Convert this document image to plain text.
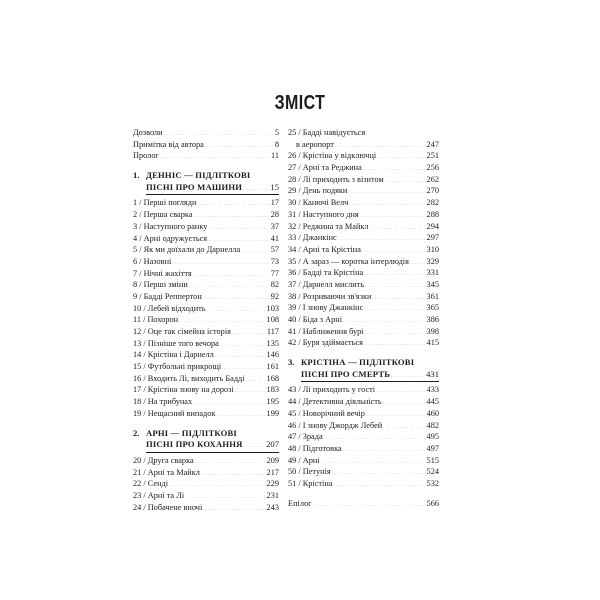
ЗМІСТ
Дозволи . . .	5
Примітка від автора . . .	8
Пролог . . .	11
1. ДЕННІС — ПІДЛІТКОВІ
ПІСНІ ПРО МАШИНИ . . .	15
1 / Перші погляди . . .	17
2 / Перша сварка . . .	28
3 / Наступного ранку . . .	37
4 / Арні одружується . . .	41
5 / Як ми доїхали до Дарнелла . . .	57
6 / Назовні . . .	73
7 / Нічні жахіття . . .	77
8 / Перші зміни . . .	82
9 / Бадді Реппертон . . .	92
10 / Лебей відходить . . .	103
11 / Похорон . . .	108
12 / Оце так сімейна історія . . .	117
13 / Пізніше того вечора . . .	135
14 / Крістіна і Дарнелл . . .	146
15 / Футбольні прикрощі . . .	161
16 / Входить Лі, виходить Бадді . . .	168
17 / Крістіна знову на дорозі . . .	183
18 / На трибунах . . .	195
19 / Нещасний випадок . . .	199
2. АРНІ — ПІДЛІТКОВІ
ПІСНІ ПРО КОХАННЯ . . .	207
20 / Друга сварка . . .	209
21 / Арні та Майкл . . .	217
22 / Сенді . . .	229
23 / Арні та Лі . . .	231
24 / Побачене вночі . . .	243
25 / Бадді навідується
в аеропорт . . .	247
26 / Крістіна у відключці . . .	251
27 / Арні та Реджина . . .	256
28 / Лі приходить з візитом . . .	262
29 / День подяки . . .	270
30 / Канючі Велч . . .	282
31 / Наступного дня . . .	288
32 / Реджина та Майкл . . .	294
33 / Джанкінс . . .	297
34 / Арні та Крістіна . . .	310
35 / А зараз — коротка інтерлюдія . . . 329
36 / Бадді та Крістіна . . .	331
37 / Дарнелл мислить . . .	345
38 / Розриваючи зв'язки . . .	361
39 / І знову Джанкінс . . .	365
40 / Біда з Арні . . .	386
41 / Наближення бурі . . .	398
42 / Буря здіймається . . .	415
3. КРІСТІНА — ПІДЛІТКОВІ
ПІСНІ ПРО СМЕРТЬ . . .	431
43 / Лі приходить у гості . . .	433
44 / Детективна діяльність . . .	445
45 / Новорічний вечір . . .	460
46 / І знову Джордж Лебей . . .	482
47 / Зрада . . .	495
48 / Підготовка . . .	497
49 / Арні . . .	515
50 / Петунія . . .	524
51 / Крістіна . . .	532
Епілог . . .	566
